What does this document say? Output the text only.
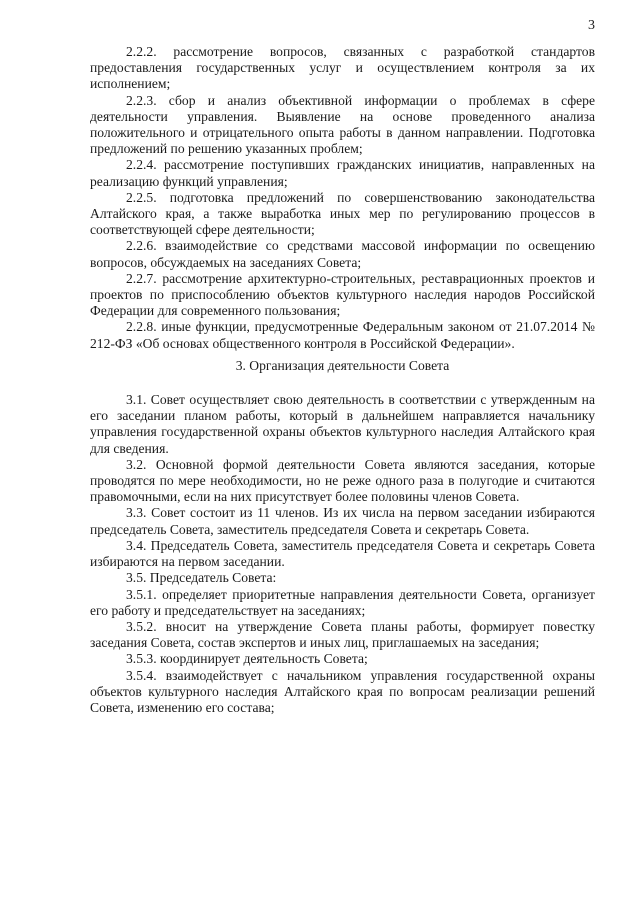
3

2.2.2. рассмотрение вопросов, связанных с разработкой стандартов предоставления государственных услуг и осуществлением контроля за их исполнением;

2.2.3. сбор и анализ объективной информации о проблемах в сфере деятельности управления. Выявление на основе проведенного анализа положительного и отрицательного опыта работы в данном направлении. Подготовка предложений по решению указанных проблем;

2.2.4. рассмотрение поступивших гражданских инициатив, направленных на реализацию функций управления;

2.2.5. подготовка предложений по совершенствованию законодательства Алтайского края, а также выработка иных мер по регулированию процессов в соответствующей сфере деятельности;

2.2.6. взаимодействие со средствами массовой информации по освещению вопросов, обсуждаемых на заседаниях Совета;

2.2.7. рассмотрение архитектурно-строительных, реставрационных проектов и проектов по приспособлению объектов культурного наследия народов Российской Федерации для современного пользования;

2.2.8. иные функции, предусмотренные Федеральным законом от 21.07.2014 № 212-ФЗ «Об основах общественного контроля в Российской Федерации».

3. Организация деятельности Совета

3.1. Совет осуществляет свою деятельность в соответствии с утвержденным на его заседании планом работы, который в дальнейшем направляется начальнику управления государственной охраны объектов культурного наследия Алтайского края для сведения.

3.2. Основной формой деятельности Совета являются заседания, которые проводятся по мере необходимости, но не реже одного раза в полугодие и считаются правомочными, если на них присутствует более половины членов Совета.

3.3. Совет состоит из 11 членов. Из их числа на первом заседании избираются председатель Совета, заместитель председателя Совета и секретарь Совета.

3.4. Председатель Совета, заместитель председателя Совета и секретарь Совета избираются на первом заседании.

3.5. Председатель Совета:

3.5.1. определяет приоритетные направления деятельности Совета, организует его работу и председательствует на заседаниях;

3.5.2. вносит на утверждение Совета планы работы, формирует повестку заседания Совета, состав экспертов и иных лиц, приглашаемых на заседания;

3.5.3. координирует деятельность Совета;

3.5.4. взаимодействует с начальником управления государственной охраны объектов культурного наследия Алтайского края по вопросам реализации решений Совета, изменению его состава;
